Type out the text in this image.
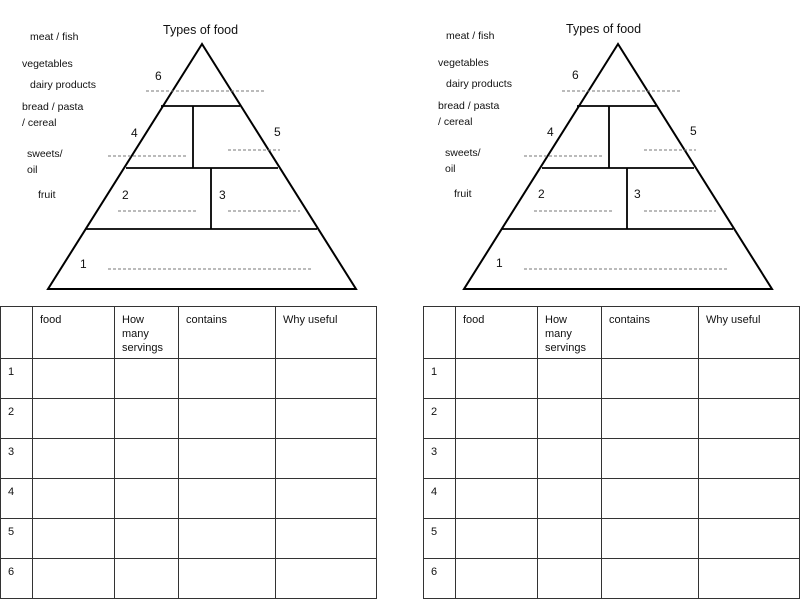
Types of food
meat / fish
vegetables
dairy products
bread / pasta
/ cereal
sweets/
oil
fruit
6
4	5
2	3
1

	food	How many servings	contains	Why useful

1				

2				

3				

4				

5				

6				

Types of food
meat / fish
vegetables
dairy products
bread / pasta
/ cereal
sweets/
oil
fruit
6
4	5
2	3
1

	food	How many servings	contains	Why useful

1				

2				

3				

4				

5				

6				
